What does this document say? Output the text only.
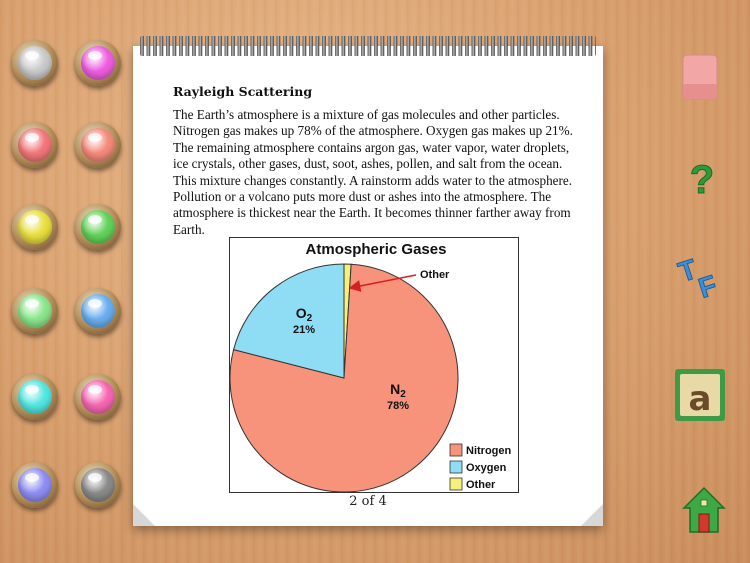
Rayleigh Scattering

The Earth’s atmosphere is a mixture of gas molecules and other particles. Nitrogen gas makes up 78% of the atmosphere. Oxygen gas makes up 21%. The remaining atmosphere contains argon gas, water vapor, water droplets, ice crystals, other gases, dust, soot, ashes, pollen, and salt from the ocean. This mixture changes constantly. A rainstorm adds water to the atmosphere. Pollution or a volcano puts more dust or ashes into the atmosphere. The atmosphere is thickest near the Earth. It becomes thinner farther away from Earth.

Atmospheric Gases
$N_2$
78%
$O_2$
21%
Other
Nitrogen
Oxygen
Other
2 of 4
?
T
F
a
